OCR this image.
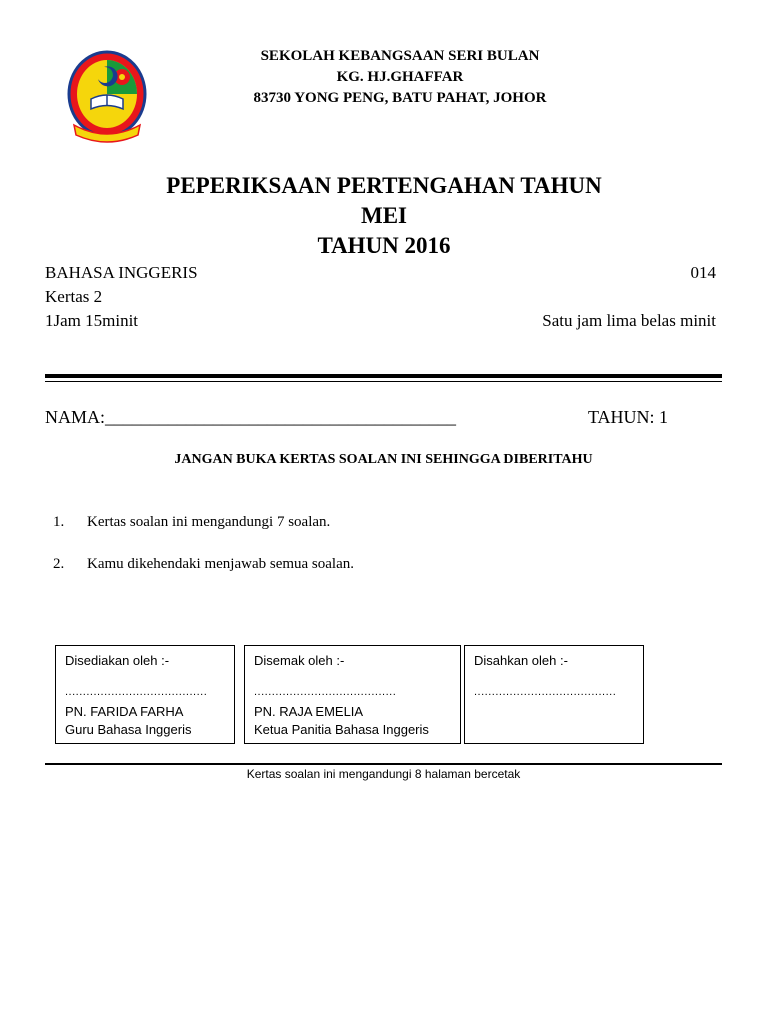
SEKOLAH KEBANGSAAN SERI BULAN
KG. HJ.GHAFFAR
83730 YONG PENG, BATU PAHAT, JOHOR
PEPERIKSAAN PERTENGAHAN TAHUN
MEI
TAHUN 2016
BAHASA INGGERIS	014
Kertas 2
1Jam 15minit	Satu jam lima belas minit
NAMA:_______________________________________	TAHUN: 1
JANGAN BUKA KERTAS SOALAN INI SEHINGGA DIBERITAHU
1. Kertas soalan ini mengandungi 7 soalan.
2. Kamu dikehendaki menjawab semua soalan.
Disediakan oleh :-
........................................
PN. FARIDA FARHA
Guru Bahasa Inggeris
Disemak oleh :-
........................................
PN. RAJA EMELIA
Ketua Panitia Bahasa Inggeris
Disahkan oleh :-
........................................
Kertas soalan ini mengandungi 8 halaman bercetak
